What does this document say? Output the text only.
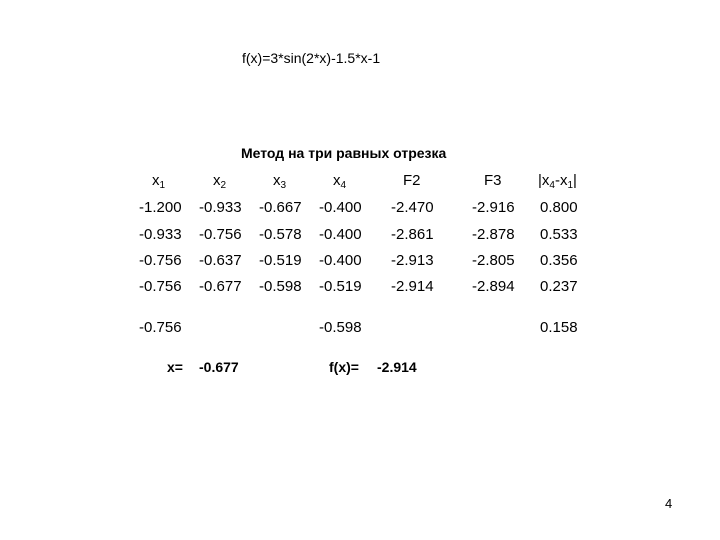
f(x)=3*sin(2*x)-1.5*x-1
Метод на три равных отрезка
$x_1$	$x_2$	$x_3$	$x_4$	F2	F3 $|x_4-x_1|$
-1.200 -0.933 -0.667 -0.400 -2.470	-2.916 0.800
-0.933 -0.756 -0.578 -0.400 -2.861	-2.878 0.533
-0.756 -0.637 -0.519 -0.400 -2.913	-2.805 0.356
-0.756 -0.677 -0.598 -0.519 -2.914	-2.894 0.237
-0.756	-0.598	0.158
x= -0.677	f(x)= -2.914
4
